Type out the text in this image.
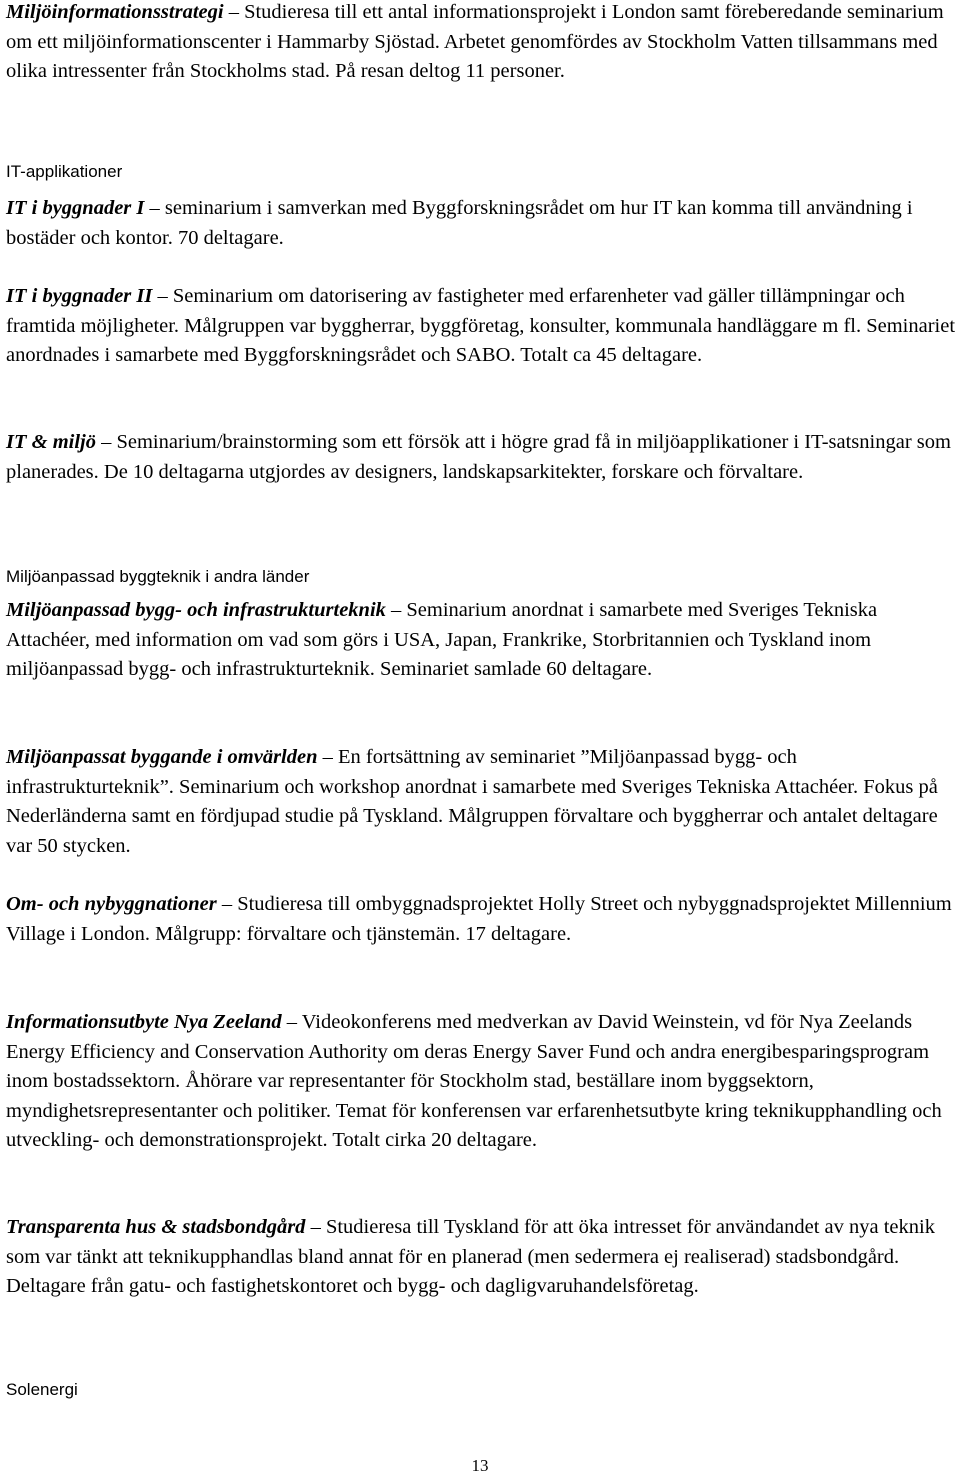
Miljöinformationsstrategi – Studieresa till ett antal informationsprojekt i London samt föreberedande seminarium om ett miljöinformationscenter i Hammarby Sjöstad. Arbetet genomfördes av Stockholm Vatten tillsammans med olika intressenter från Stockholms stad. På resan deltog 11 personer.

IT-applikationer

IT i byggnader I – seminarium i samverkan med Byggforskningsrådet om hur IT kan komma till användning i bostäder och kontor. 70 deltagare.

IT i byggnader II – Seminarium om datorisering av fastigheter med erfarenheter vad gäller tillämpningar och framtida möjligheter. Målgruppen var byggherrar, byggföretag, konsulter, kommunala handläggare m fl. Seminariet anordnades i samarbete med Byggforskningsrådet och SABO. Totalt ca 45 deltagare.

IT & miljö – Seminarium/brainstorming som ett försök att i högre grad få in miljöapplikationer i IT-satsningar som planerades. De 10 deltagarna utgjordes av designers, landskapsarkitekter, forskare och förvaltare.

Miljöanpassad byggteknik i andra länder

Miljöanpassad bygg- och infrastrukturteknik – Seminarium anordnat i samarbete med Sveriges Tekniska Attachéer, med information om vad som görs i USA, Japan, Frankrike, Storbritannien och Tyskland inom miljöanpassad bygg- och infrastrukturteknik. Seminariet samlade 60 deltagare.

Miljöanpassat byggande i omvärlden – En fortsättning av seminariet ”Miljöanpassad bygg- och infrastrukturteknik”. Seminarium och workshop anordnat i samarbete med Sveriges Tekniska Attachéer. Fokus på Nederländerna samt en fördjupad studie på Tyskland. Målgruppen förvaltare och byggherrar och antalet deltagare var 50 stycken.

Om- och nybyggnationer – Studieresa till ombyggnadsprojektet Holly Street och nybyggnadsprojektet Millennium Village i London. Målgrupp: förvaltare och tjänstemän. 17 deltagare.

Informationsutbyte Nya Zeeland – Videokonferens med medverkan av David Weinstein, vd för Nya Zeelands Energy Efficiency and Conservation Authority om deras Energy Saver Fund och andra energibesparingsprogram inom bostadssektorn. Åhörare var representanter för Stockholm stad, beställare inom byggsektorn, myndighetsrepresentanter och politiker. Temat för konferensen var erfarenhetsutbyte kring teknikupphandling och utveckling- och demonstrationsprojekt. Totalt cirka 20 deltagare.

Transparenta hus & stadsbondgård – Studieresa till Tyskland för att öka intresset för användandet av nya teknik som var tänkt att teknikupphandlas bland annat för en planerad (men sedermera ej realiserad) stadsbondgård. Deltagare från gatu- och fastighetskontoret och bygg- och dagligvaruhandelsföretag.

Solenergi

13
